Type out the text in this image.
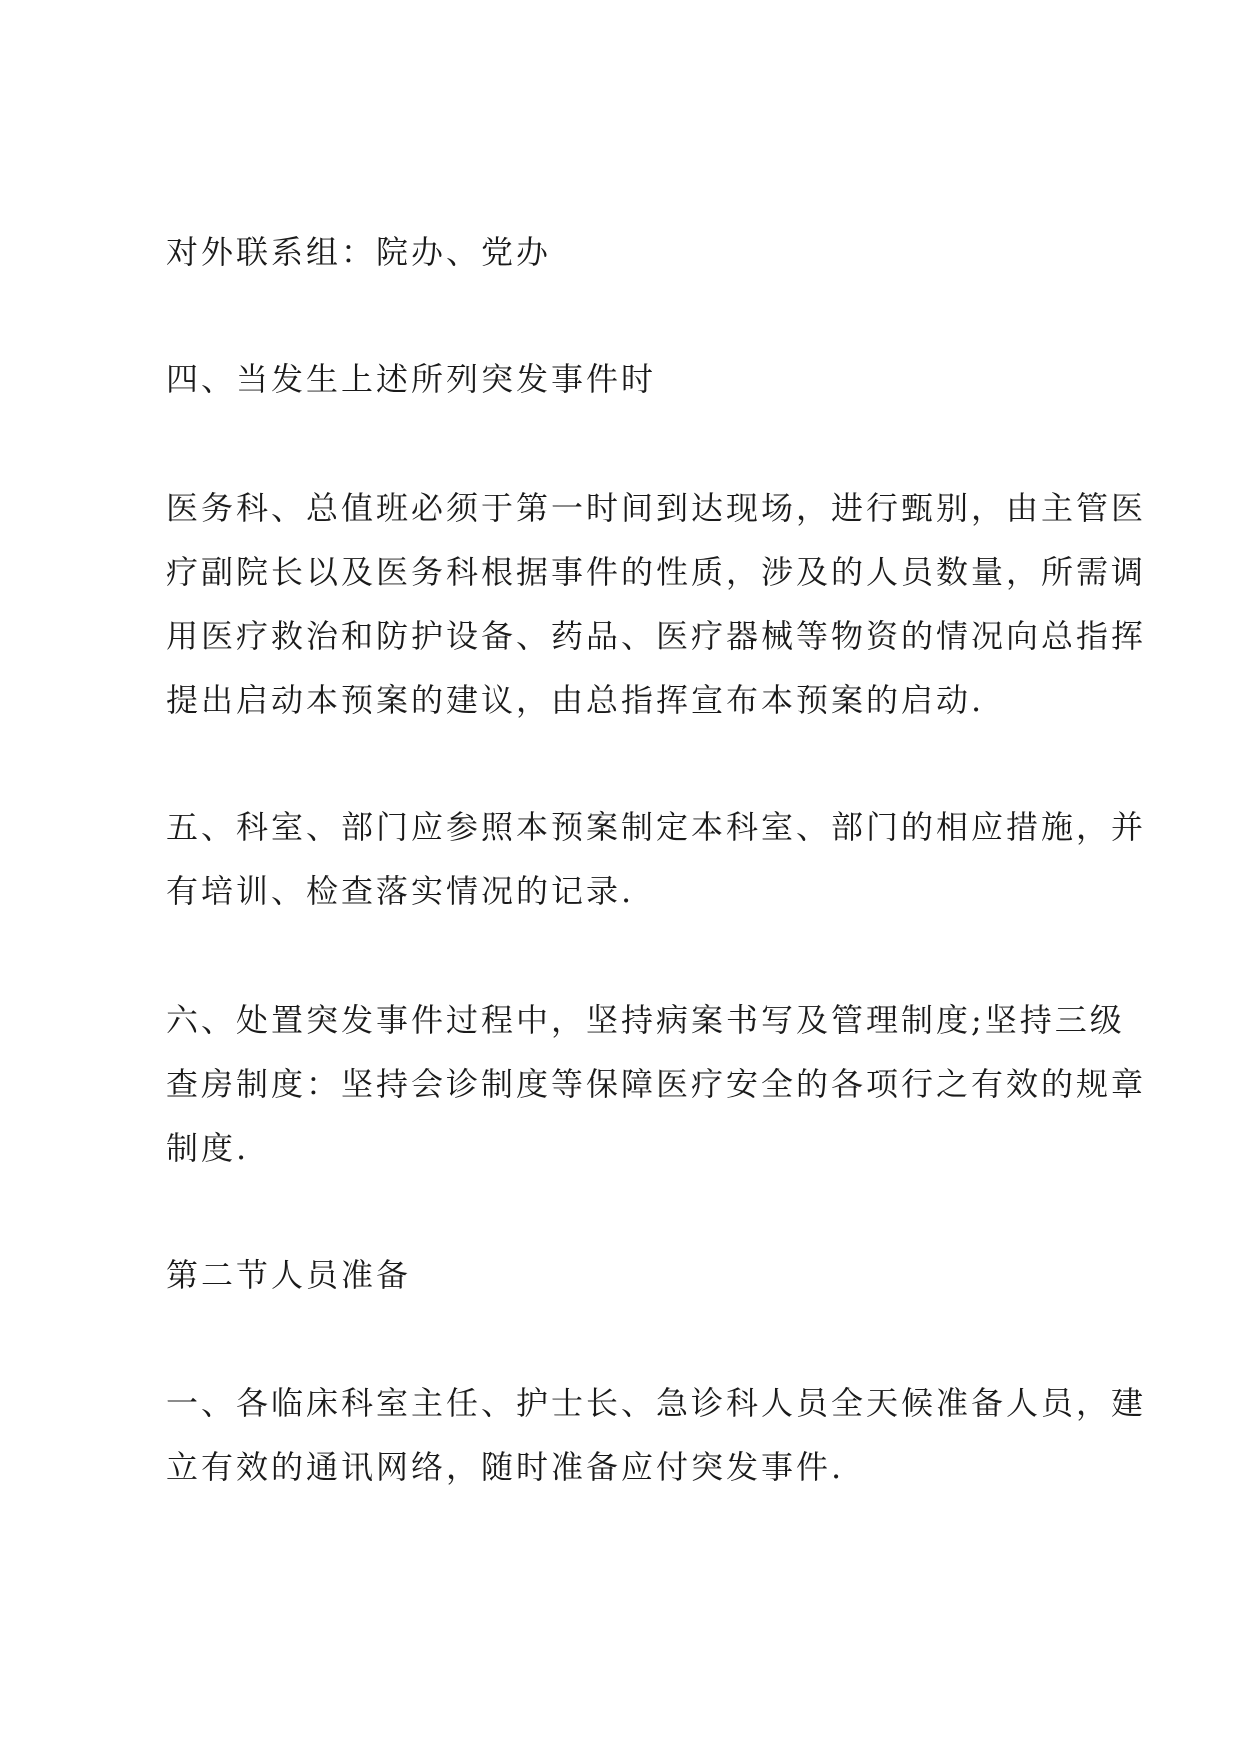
对外联系组：院办、党办

四、当发生上述所列突发事件时

医务科、总值班必须于第一时间到达现场，进行甄别，由主管医
疗副院长以及医务科根据事件的性质，涉及的人员数量，所需调
用医疗救治和防护设备、药品、医疗器械等物资的情况向总指挥
提出启动本预案的建议，由总指挥宣布本预案的启动.

五、科室、部门应参照本预案制定本科室、部门的相应措施，并
有培训、检查落实情况的记录.

六、处置突发事件过程中，坚持病案书写及管理制度;坚持三级
查房制度：坚持会诊制度等保障医疗安全的各项行之有效的规章
制度.

第二节人员准备

一、各临床科室主任、护士长、急诊科人员全天候准备人员，建
立有效的通讯网络，随时准备应付突发事件.
